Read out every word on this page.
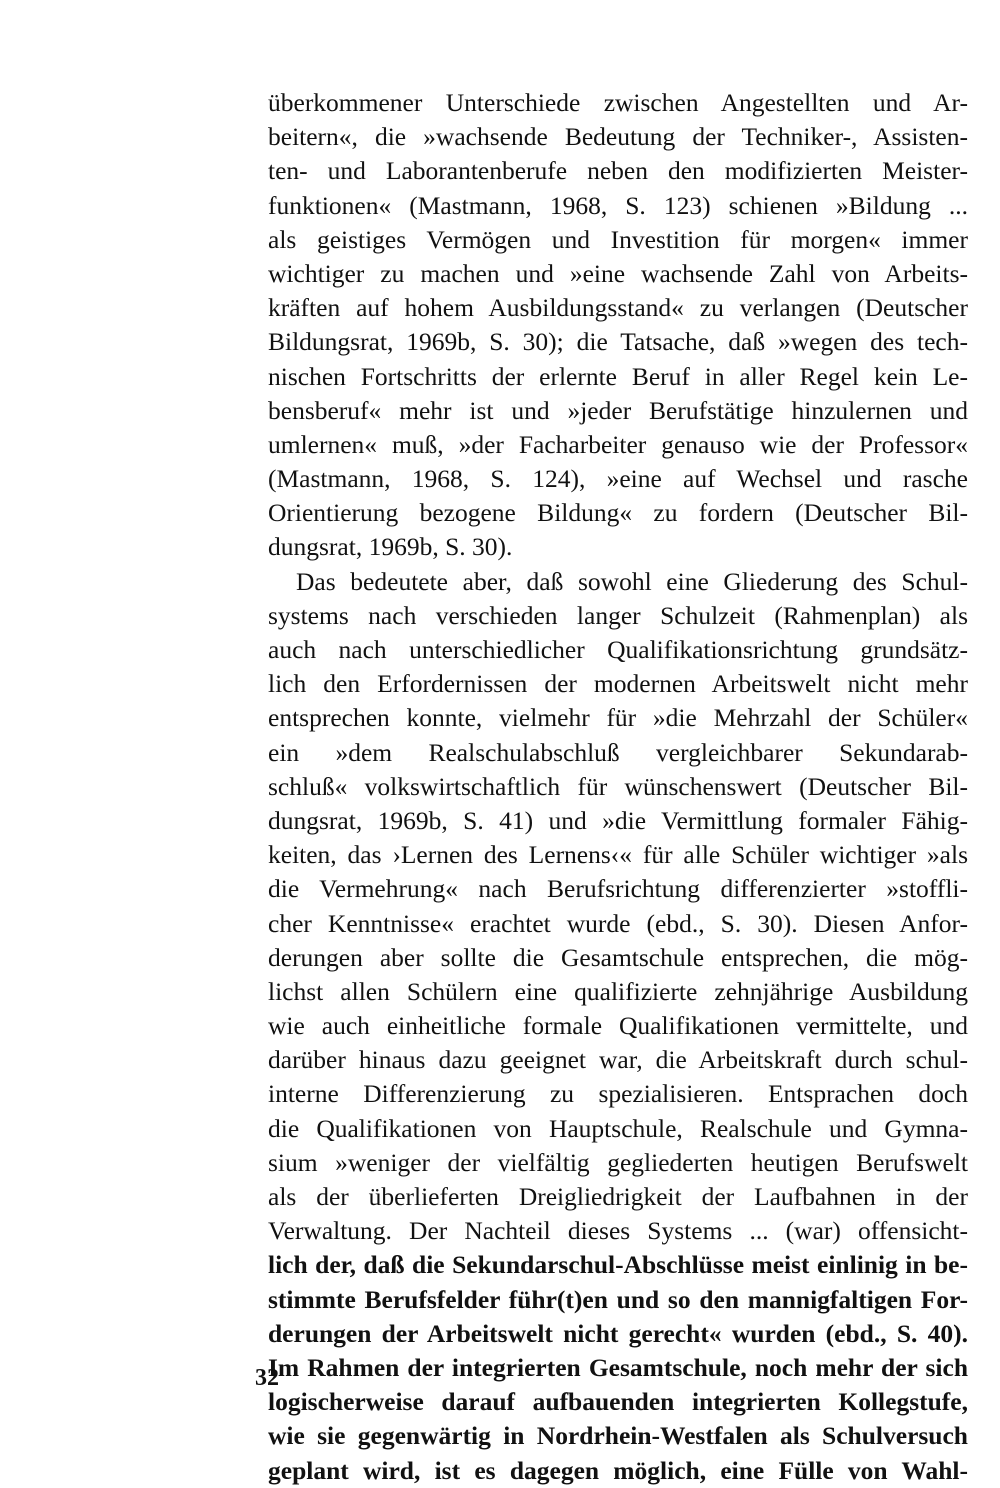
überkommener Unterschiede zwischen Angestellten und Ar-
beitern«, die »wachsende Bedeutung der Techniker-, Assisten-
ten- und Laborantenberufe neben den modifizierten Meister-
funktionen« (Mastmann, 1968, S. 123) schienen »Bildung ...
als geistiges Vermögen und Investition für morgen« immer
wichtiger zu machen und »eine wachsende Zahl von Arbeits-
kräften auf hohem Ausbildungsstand« zu verlangen (Deutscher
Bildungsrat, 1969b, S. 30); die Tatsache, daß »wegen des tech-
nischen Fortschritts der erlernte Beruf in aller Regel kein Le-
bensberuf« mehr ist und »jeder Berufstätige hinzulernen und
umlernen« muß, »der Facharbeiter genauso wie der Professor«
(Mastmann, 1968, S. 124), »eine auf Wechsel und rasche
Orientierung bezogene Bildung« zu fordern (Deutscher Bil-
dungsrat, 1969b, S. 30).
Das bedeutete aber, daß sowohl eine Gliederung des Schul-
systems nach verschieden langer Schulzeit (Rahmenplan) als
auch nach unterschiedlicher Qualifikationsrichtung grundsätz-
lich den Erfordernissen der modernen Arbeitswelt nicht mehr
entsprechen konnte, vielmehr für »die Mehrzahl der Schüler«
ein »dem Realschulabschluß vergleichbarer Sekundarab-
schluß« volkswirtschaftlich für wünschenswert (Deutscher Bil-
dungsrat, 1969b, S. 41) und »die Vermittlung formaler Fähig-
keiten, das ›Lernen des Lernens‹« für alle Schüler wichtiger »als
die Vermehrung« nach Berufsrichtung differenzierter »stoffli-
cher Kenntnisse« erachtet wurde (ebd., S. 30). Diesen Anfor-
derungen aber sollte die Gesamtschule entsprechen, die mög-
lichst allen Schülern eine qualifizierte zehnjährige Ausbildung
wie auch einheitliche formale Qualifikationen vermittelte, und
darüber hinaus dazu geeignet war, die Arbeitskraft durch schul-
interne Differenzierung zu spezialisieren. Entsprachen doch
die Qualifikationen von Hauptschule, Realschule und Gymna-
sium »weniger der vielfältig gegliederten heutigen Berufswelt
als der überlieferten Dreigliedrigkeit der Laufbahnen in der
Verwaltung. Der Nachteil dieses Systems ... (war) offensicht-
lich der, daß die Sekundarschul-Abschlüsse meist einlinig in be-
stimmte Berufsfelder führ(t)en und so den mannigfaltigen For-
derungen der Arbeitswelt nicht gerecht« wurden (ebd., S. 40).
Im Rahmen der integrierten Gesamtschule, noch mehr der sich
logischerweise darauf aufbauenden integrierten Kollegstufe,
wie sie gegenwärtig in Nordrhein-Westfalen als Schulversuch
geplant wird, ist es dagegen möglich, eine Fülle von Wahl-
32
